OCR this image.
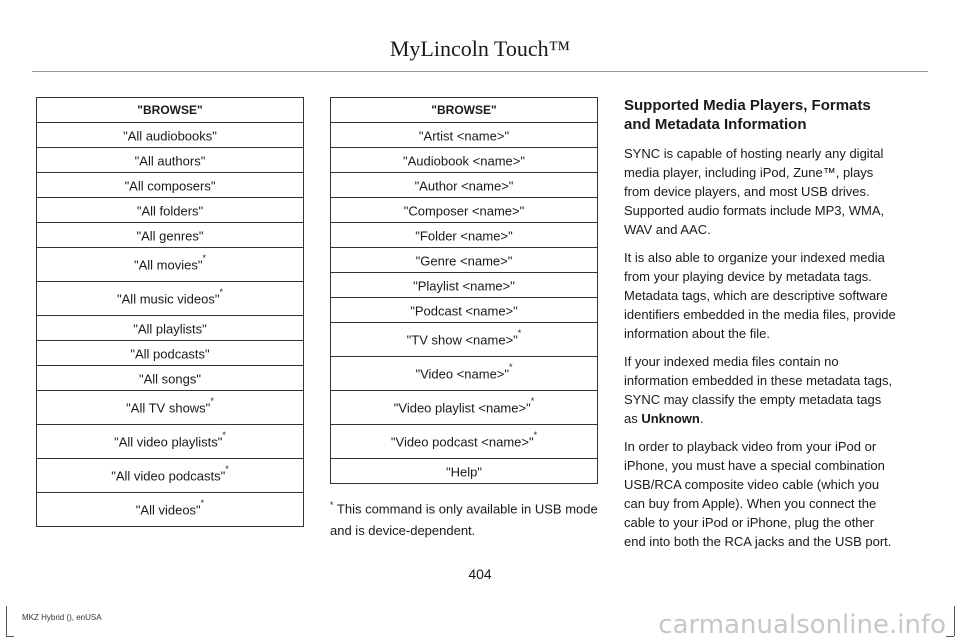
MyLincoln Touch™
"BROWSE"
"All audiobooks"
"All authors"
"All composers"
"All folders"
"All genres"
"All movies"*
"All music videos"*
"All playlists"
"All podcasts"
"All songs"
"All TV shows"*
"All video playlists"*
"All video podcasts"*
"All videos"*
"BROWSE"
"Artist <name>"
"Audiobook <name>"
"Author <name>"
"Composer <name>"
"Folder <name>"
"Genre <name>"
"Playlist <name>"
"Podcast <name>"
"TV show <name>"*
"Video <name>"*
"Video playlist <name>"*
"Video podcast <name>"*
"Help"
* This command is only available in USB mode and is device-dependent.
Supported Media Players, Formats and Metadata Information

SYNC is capable of hosting nearly any digital media player, including iPod, Zune™, plays from device players, and most USB drives. Supported audio formats include MP3, WMA, WAV and AAC.

It is also able to organize your indexed media from your playing device by metadata tags. Metadata tags, which are descriptive software identifiers embedded in the media files, provide information about the file.

If your indexed media files contain no information embedded in these metadata tags, SYNC may classify the empty metadata tags as Unknown.

In order to playback video from your iPod or iPhone, you must have a special combination USB/RCA composite video cable (which you can buy from Apple). When you connect the cable to your iPod or iPhone, plug the other end into both the RCA jacks and the USB port.

404
MKZ Hybrid (), enUSA	carmanualsonline.info
